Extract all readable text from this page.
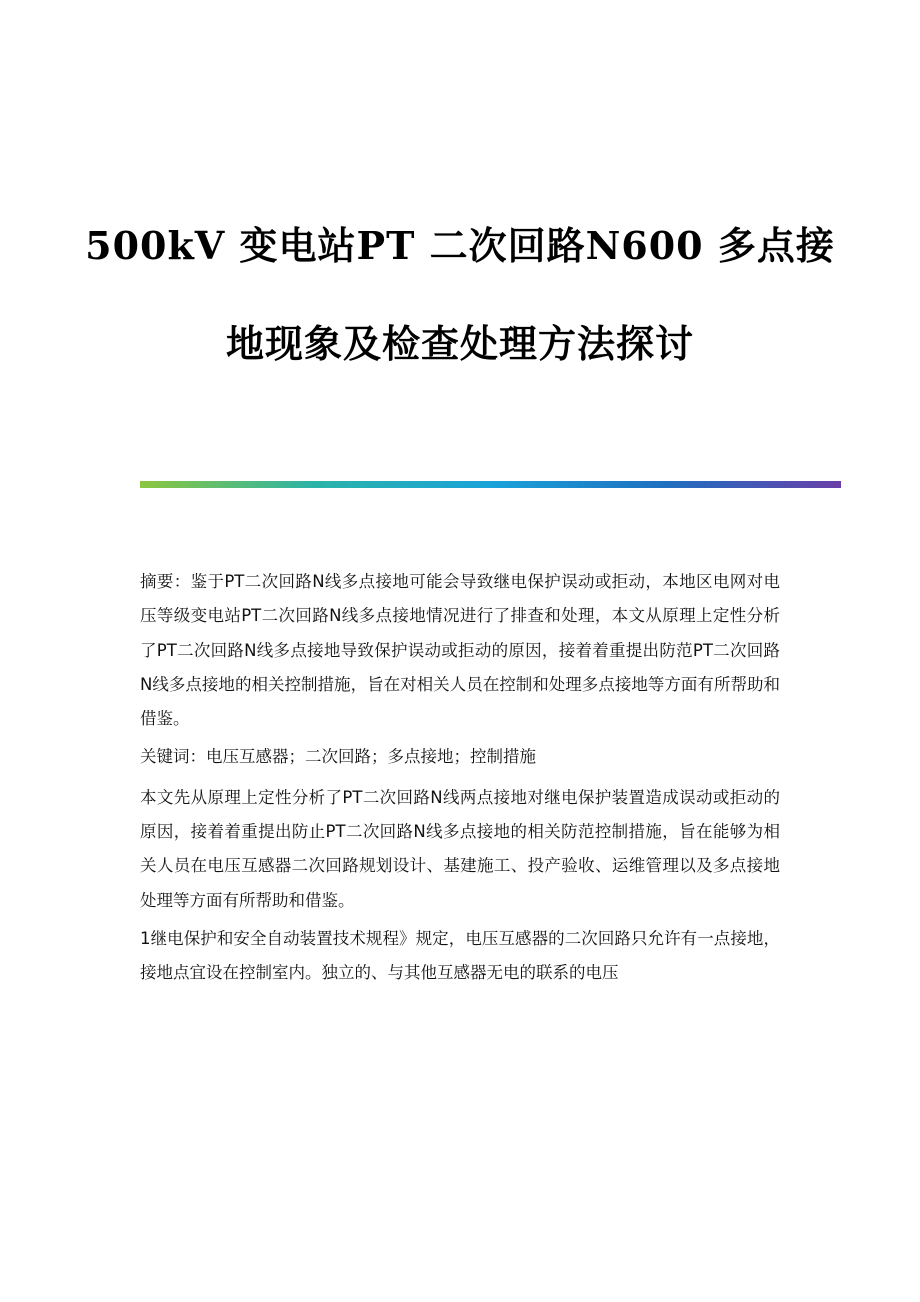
500kV 变电站PT 二次回路N600 多点接
地现象及检查处理方法探讨

摘要：鉴于PT二次回路N线多点接地可能会导致继电保护误动或拒动，本地区电网对电压等级变电站PT二次回路N线多点接地情况进行了排查和处理，本文从原理上定性分析了PT二次回路N线多点接地导致保护误动或拒动的原因，接着着重提出防范PT二次回路N线多点接地的相关控制措施，旨在对相关人员在控制和处理多点接地等方面有所帮助和借鉴。

关键词：电压互感器；二次回路；多点接地；控制措施

本文先从原理上定性分析了PT二次回路N线两点接地对继电保护装置造成误动或拒动的原因，接着着重提出防止PT二次回路N线多点接地的相关防范控制措施，旨在能够为相关人员在电压互感器二次回路规划设计、基建施工、投产验收、运维管理以及多点接地处理等方面有所帮助和借鉴。

1继电保护和安全自动装置技术规程》规定，电压互感器的二次回路只允许有一点接地，接地点宜设在控制室内。独立的、与其他互感器无电的联系的电压
